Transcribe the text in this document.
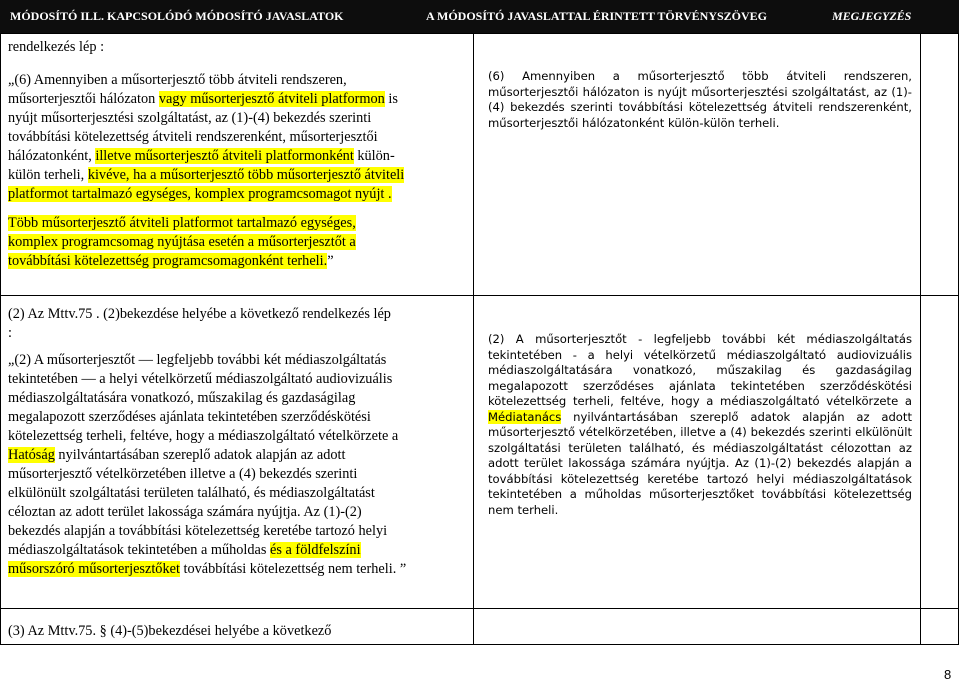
MÓDOSÍTÓ ILL. KAPCSOLÓDÓ MÓDOSÍTÓ JAVASLATOK	A MÓDOSÍTÓ JAVASLATTAL ÉRINTETT TÖRVÉNYSZÖVEG	MEGJEGYZÉS
rendelkezés lép :
„(6) Amennyiben a műsorterjesztő több átviteli rendszeren,
műsorterjesztői hálózaton vagy műsorterjesztő átviteli platformon is
nyújt műsorterjesztési szolgáltatást, az (1)-(4) bekezdés szerinti
továbbítási kötelezettség átviteli rendszerenként, műsorterjesztői
hálózatonként, illetve műsorterjesztő átviteli platformonként külön-
külön terheli, kivéve, ha a műsorterjesztő több műsorterjesztő átviteli
platformot tartalmazó egységes, komplex programcsomagot nyújt .
Több műsorterjesztő átviteli platformot tartalmazó egységes,
komplex programcsomag nyújtása esetén a műsorterjesztőt a
továbbítási kötelezettség programcsomagonként terheli.”
(6) Amennyiben a műsorterjesztő több átviteli rendszeren, műsorterjesztői hálózaton is nyújt műsorterjesztési szolgáltatást, az (1)-(4) bekezdés szerinti továbbítási kötelezettség átviteli rendszerenként, műsorterjesztői hálózatonként külön-külön terheli.
(2) Az Mttv.75 . (2)bekezdése helyébe a következő rendelkezés lép
:
„(2) A műsorterjesztőt — legfeljebb további két médiaszolgáltatás
tekintetében — a helyi vételkörzetű médiaszolgáltató audiovizuális
médiaszolgáltatására vonatkozó, műszakilag és gazdaságilag
megalapozott szerződéses ajánlata tekintetében szerződéskötési
kötelezettség terheli, feltéve, hogy a médiaszolgáltató vételkörzete a
Hatóság nyilvántartásában szereplő adatok alapján az adott
műsorterjesztő vételkörzetében illetve a (4) bekezdés szerinti
elkülönült szolgáltatási területen található, és médiaszolgáltatást
céloztan az adott terület lakossága számára nyújtja. Az (1)-(2)
bekezdés alapján a továbbítási kötelezettség keretébe tartozó helyi
médiaszolgáltatások tekintetében a műholdas és a földfelszíni
műsorszóró műsorterjesztőket továbbítási kötelezettség nem terheli. ”
(2) A műsorterjesztőt - legfeljebb további két médiaszolgáltatás tekintetében - a helyi vételkörzetű médiaszolgáltató audiovizuális médiaszolgáltatására vonatkozó, műszakilag és gazdaságilag megalapozott szerződéses ajánlata tekintetében szerződéskötési kötelezettség terheli, feltéve, hogy a médiaszolgáltató vételkörzete a Médiatanács nyilvántartásában szereplő adatok alapján az adott műsorterjesztő vételkörzetében, illetve a (4) bekezdés szerinti elkülönült szolgáltatási területen található, és médiaszolgáltatást célozottan az adott terület lakossága számára nyújtja. Az (1)-(2) bekezdés alapján a továbbítási kötelezettség keretébe tartozó helyi médiaszolgáltatások tekintetében a műholdas műsorterjesztőket továbbítási kötelezettség nem terheli.
(3) Az Mttv.75. § (4)-(5)bekezdései helyébe a következő
8
